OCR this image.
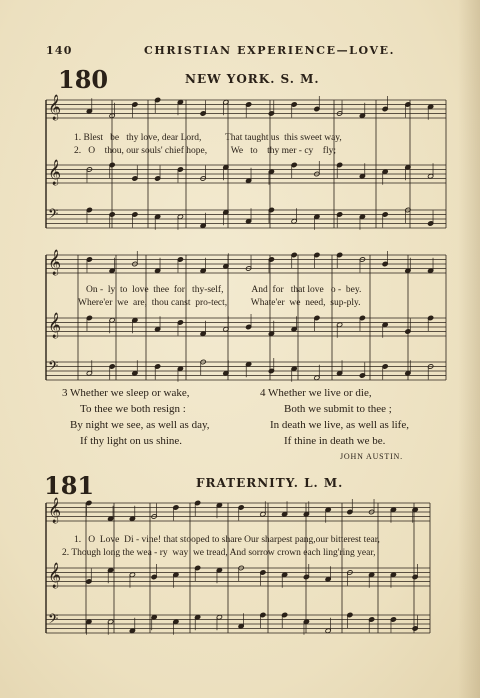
140	CHRISTIAN EXPERIENCE—LOVE.
180	NEW YORK. S. M.
1. Blest   be   thy love, dear Lord,          That taught us  this sweet way,
2.   O    thou, our souls' chief hope,          We   to    thy mer - cy    fly;
On -  ly  to  love  thee  for   thy-self,            And  for   that love   o -  bey.
Where'er  we  are,  thou canst  pro-tect,          Whate'er  we  need,  sup-ply.
3 Whether we sleep or wake,
To thee we both resign :
By night we see, as well as day,
If thy light on us shine.
4 Whether we live or die,
Both we submit to thee ;
In death we live, as well as life,
If thine in death we be.
JOHN AUSTIN.
181	FRATERNITY. L. M.
1.   O  Love  Di - vine! that stooped to share Our sharpest pang,our bitterest tear,
2. Though long the wea - ry  way  we tread, And sorrow crown each ling'ring year,
𝄞
𝄞
𝄢
𝄞
𝄞
𝄢
𝄞
𝄞
𝄢
